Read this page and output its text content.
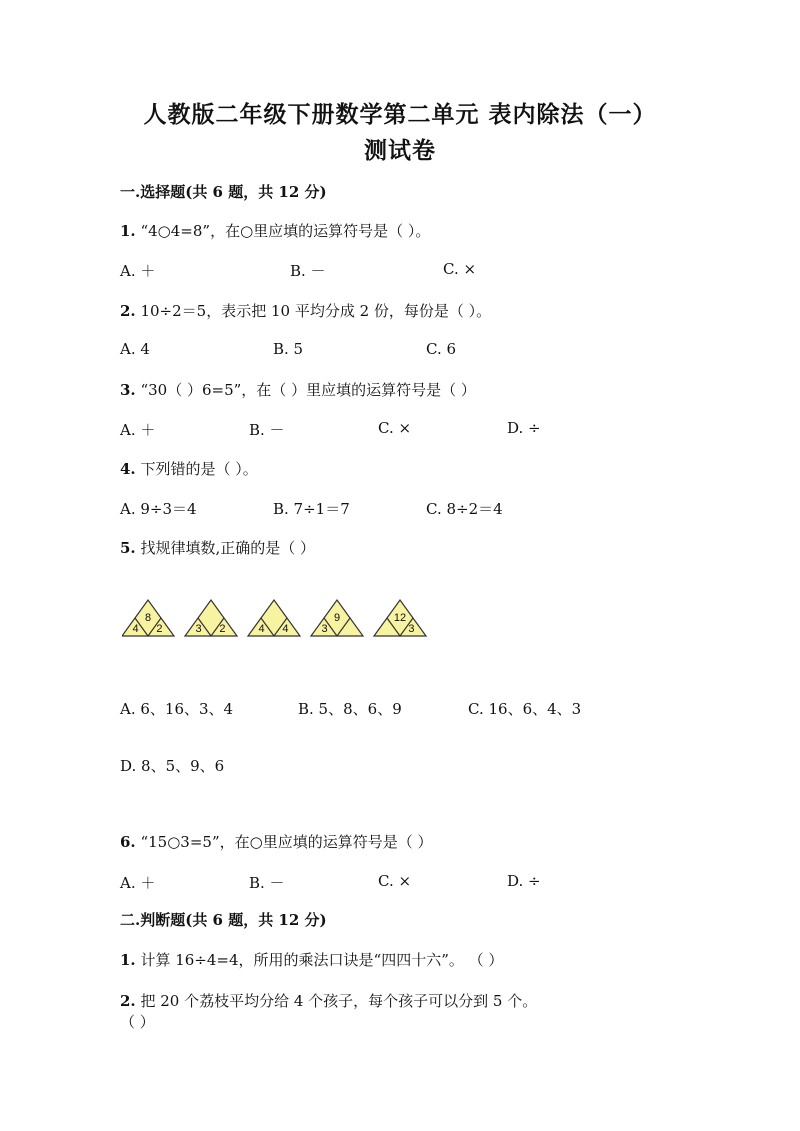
人教版二年级下册数学第二单元 表内除法（一）
测试卷
一.选择题(共 6 题，共 12 分)
1. “4○4=8”，在○里应填的运算符号是（ ）。
A. ＋	B. －	C. ×
2. 10÷2＝5，表示把 10 平均分成 2 份，每份是（ ）。
A. 4	B. 5	C. 6
3. “30（ ）6=5”，在（ ）里应填的运算符号是（ ）
A. ＋	B. －	C. ×	D. ÷
4. 下列错的是（ ）。
A. 9÷3＝4	B. 7÷1＝7	C. 8÷2＝4
5. 找规律填数,正确的是（ ）
8
4 2	3 2	4 4
9
3
12
3
A. 6、16、3、4	B. 5、8、6、9	C. 16、6、4、3
D. 8、5、9、6
6. “15○3=5”，在○里应填的运算符号是（ ）
A. ＋	B. －	C. ×	D. ÷
二.判断题(共 6 题，共 12 分)
1. 计算 16÷4=4，所用的乘法口诀是“四四十六”。 （ ）
2. 把 20 个荔枝平均分给 4 个孩子，每个孩子可以分到 5 个。
（ ）
